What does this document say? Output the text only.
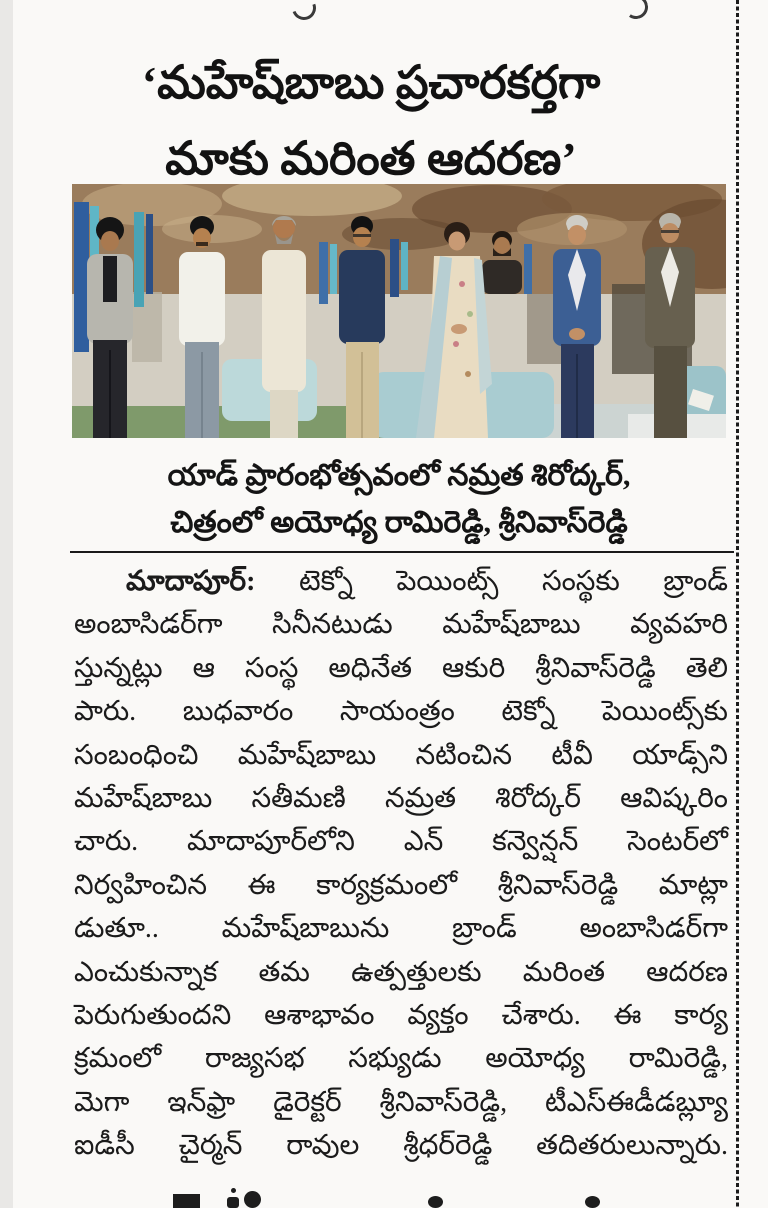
‘మహేష్‌బాబు ప్రచారకర్తగా
మాకు మరింత ఆదరణ’
యాడ్ ప్రారంభోత్సవంలో నమ్రత శిరోద్కర్,
చిత్రంలో అయోధ్య రామిరెడ్డి, శ్రీనివాస్‌రెడ్డి
మాదాపూర్: టెక్నో పెయింట్స్ సంస్థకు బ్రాండ్
అంబాసిడర్‌గా సినీనటుడు మహేష్‌బాబు వ్యవహరి
స్తున్నట్లు ఆ సంస్థ అధినేత ఆకురి శ్రీనివాస్‌రెడ్డి తెలి
పారు. బుధవారం సాయంత్రం టెక్నో పెయింట్స్‌కు
సంబంధించి మహేష్‌బాబు నటించిన టీవీ యాడ్స్‌ని
మహేష్‌బాబు సతీమణి నమ్రత శిరోద్కర్ ఆవిష్కరిం
చారు. మాదాపూర్‌లోని ఎన్ కన్వెన్షన్ సెంటర్‌లో
నిర్వహించిన ఈ కార్యక్రమంలో శ్రీనివాస్‌రెడ్డి మాట్లా
డుతూ.. మహేష్‌బాబును బ్రాండ్ అంబాసిడర్‌గా
ఎంచుకున్నాక తమ ఉత్పత్తులకు మరింత ఆదరణ
పెరుగుతుందని ఆశాభావం వ్యక్తం చేశారు. ఈ కార్య
క్రమంలో రాజ్యసభ సభ్యుడు అయోధ్య రామిరెడ్డి,
మెగా ఇన్‌ఫ్రా డైరెక్టర్ శ్రీనివాస్‌రెడ్డి, టీఎస్‌ఈడీడబ్ల్యూ
ఐడీసీ చైర్మన్ రావుల శ్రీధర్‌రెడ్డి తదితరులున్నారు.
